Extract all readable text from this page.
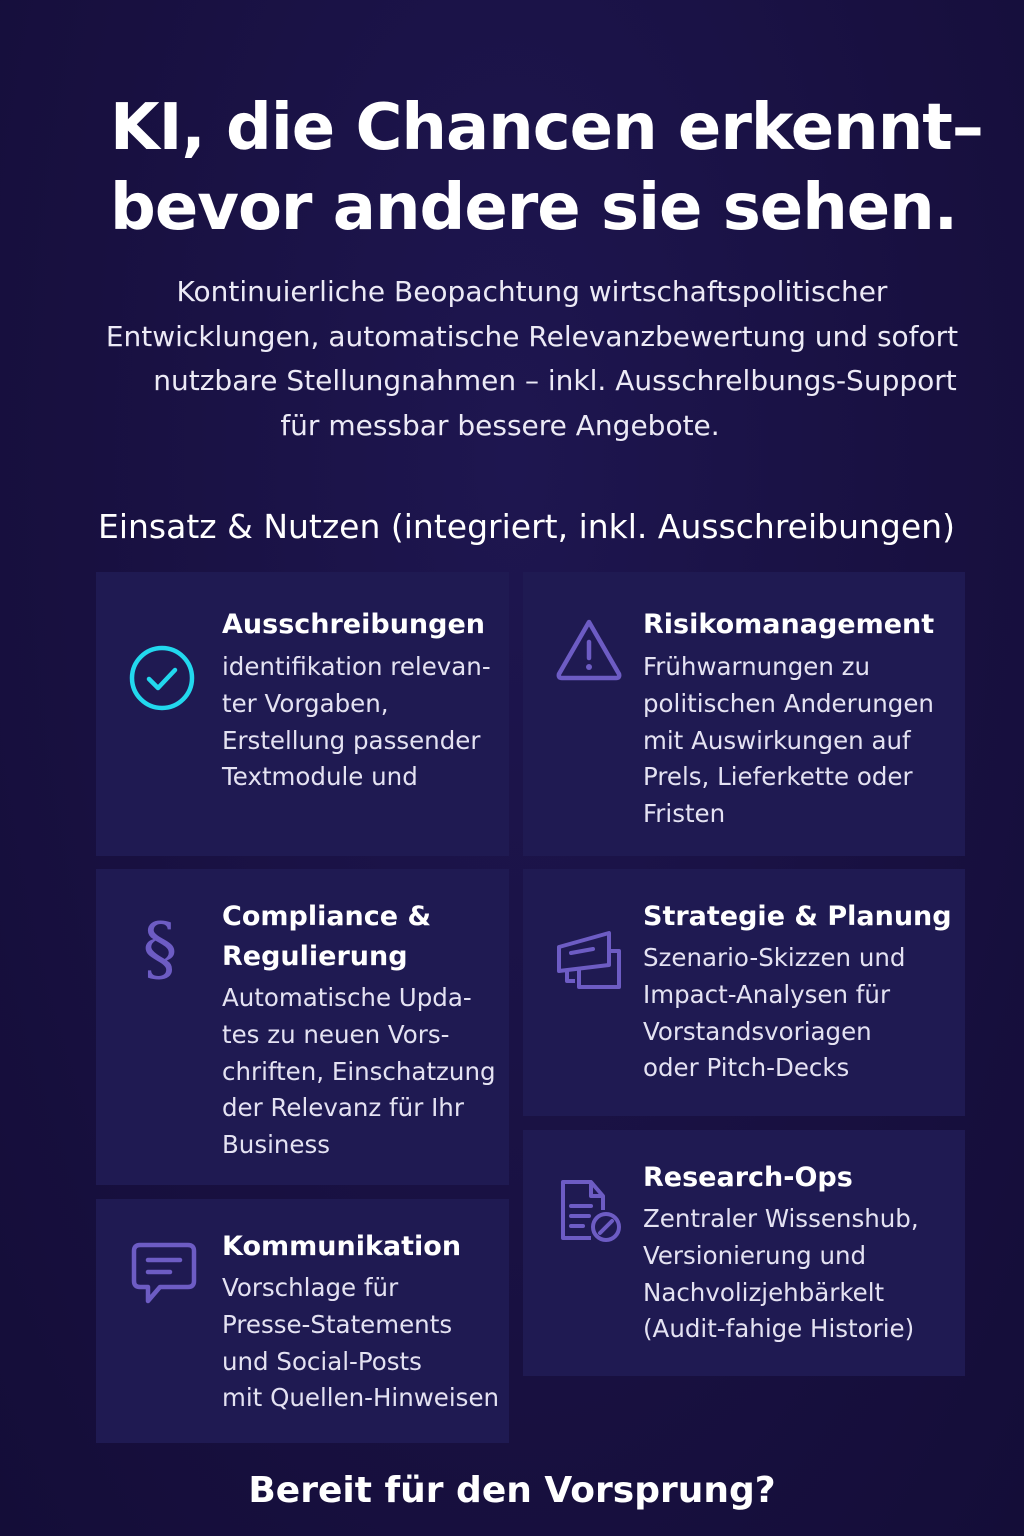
KI, die Chancen erkennt–
bevor andere sie sehen.
Kontinuierliche Beopachtung wirtschaftspolitischer
Entwicklungen, automatische Relevanzbewertung und sofort
nutzbare Stellungnahmen – inkl. Ausschrelbungs-Support
für messbar bessere Angebote.
Einsatz & Nutzen (integriert, inkl. Ausschreibungen)
Ausschreibungen
identifikation relevan-
ter Vorgaben,
Erstellung passender
Textmodule und
Risikomanagement
Frühwarnungen zu
politischen Anderungen
mit Auswirkungen auf
Prels, Lieferkette oder
Fristen
§ Compliance &
Regulierung
Automatische Upda-
tes zu neuen Vors-
chriften, Einschatzung
der Relevanz für Ihr
Business
Strategie & Planung
Szenario-Skizzen und
Impact-Analysen für
Vorstandsvoriagen
oder Pitch-Decks
Research-Ops
Zentraler Wissenshub,
Versionierung und
Nachvolizjehbärkelt
(Audit-fahige Historie)
Kommunikation
Vorschlage für
Presse-Statements
und Social-Posts
mit Quellen-Hinweisen
Bereit für den Vorsprung?
